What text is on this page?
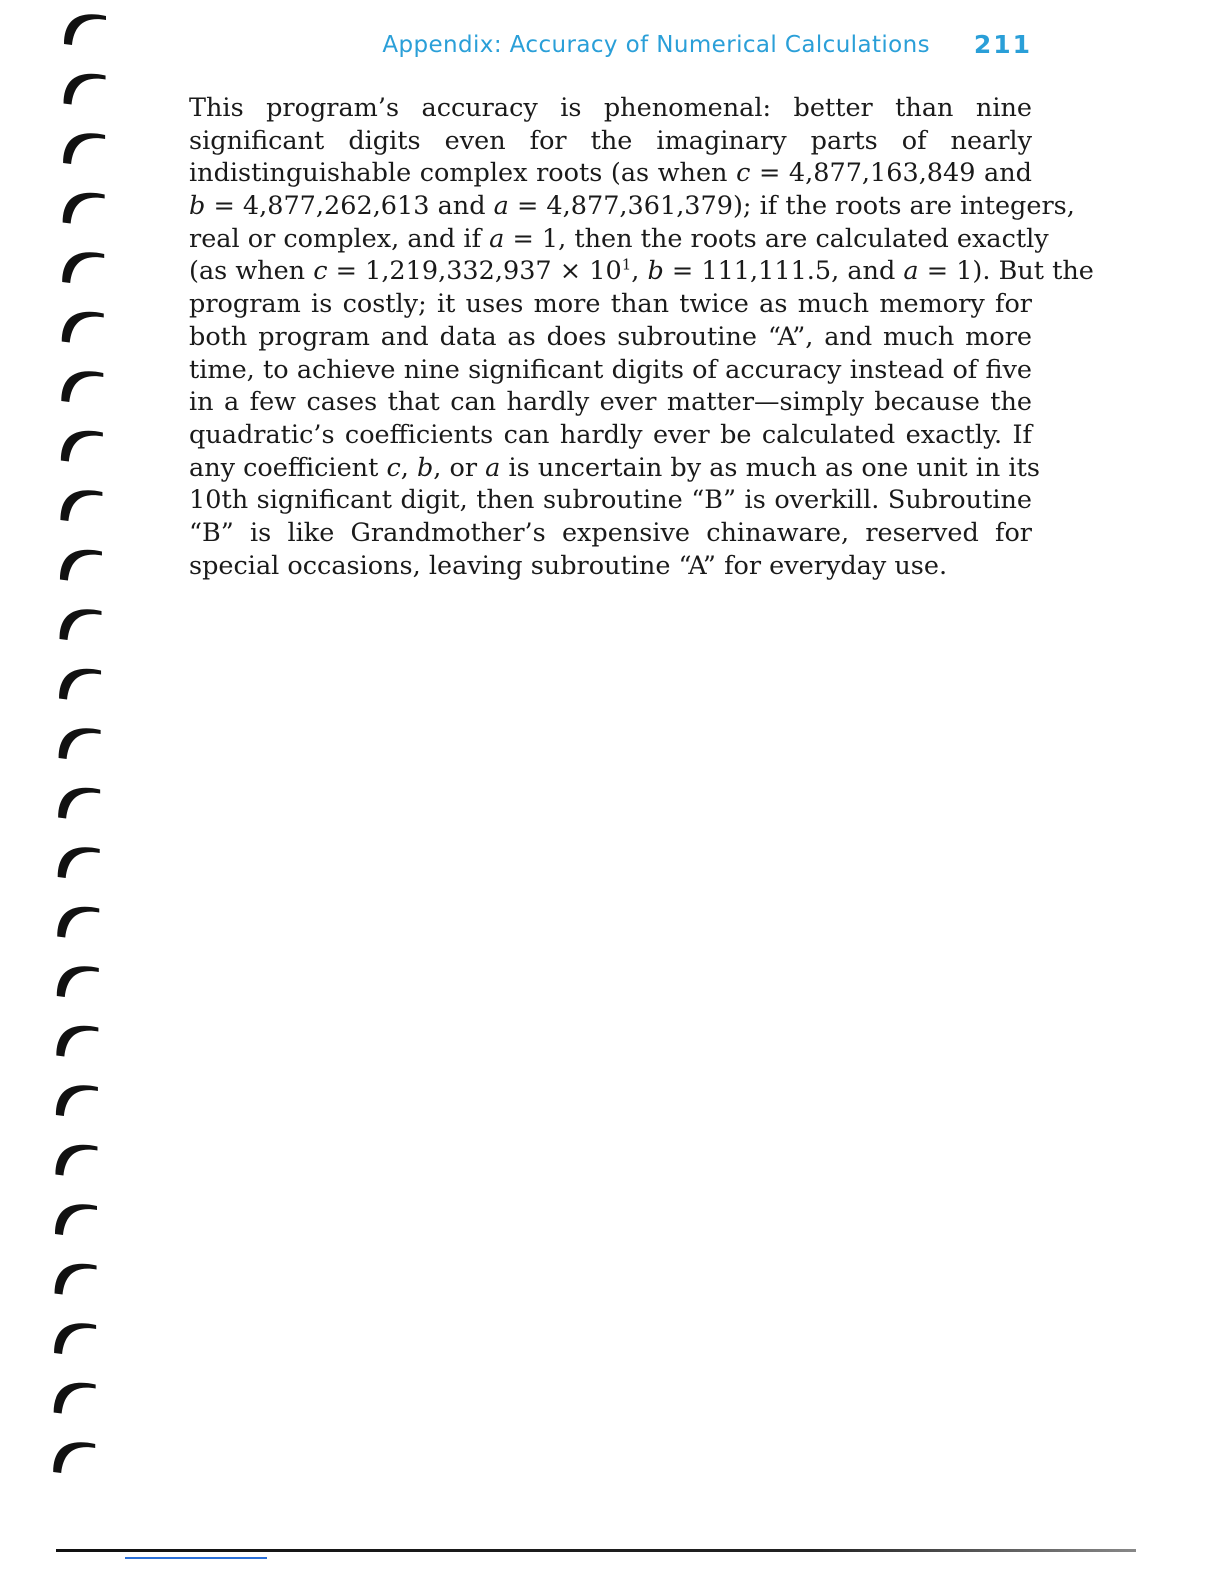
Appendix: Accuracy of Numerical Calculations 211
This program’s accuracy is phenomenal: better than nine
significant digits even for the imaginary parts of nearly
indistinguishable complex roots (as when c = 4,877,163,849 and
b = 4,877,262,613 and a = 4,877,361,379); if the roots are integers,
real or complex, and if a = 1, then the roots are calculated exactly
(as when $c = 1,219,332,937 \times 10^1$, b = 111,111.5, and a = 1). But the
program is costly; it uses more than twice as much memory for
both program and data as does subroutine “A”, and much more
time, to achieve nine significant digits of accuracy instead of five
in a few cases that can hardly ever matter—simply because the
quadratic’s coefficients can hardly ever be calculated exactly. If
any coefficient c, b, or a is uncertain by as much as one unit in its
10th significant digit, then subroutine “B” is overkill. Subroutine
“B” is like Grandmother’s expensive chinaware, reserved for
special occasions, leaving subroutine “A” for everyday use.
